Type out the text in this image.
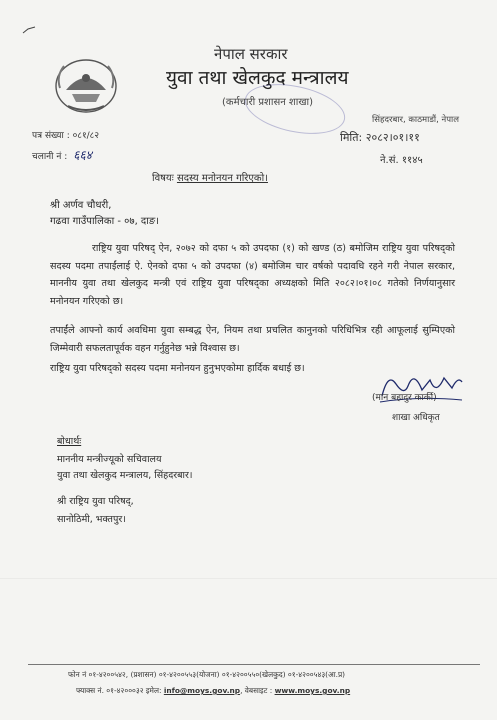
नेपाल सरकार
युवा तथा खेलकुद मन्त्रालय
(कर्मचारी प्रशासन शाखा)
सिंहदरबार, काठमाडौं, नेपाल
पत्र संख्या : ०८१/८२
चलानी नं : ६६४
मिति: २०८२।०१।११
ने.सं. ११४५
विषयः सदस्य मनोनयन गरिएको।
श्री अर्णव चौधरी,
गढवा गाउँपालिका - ०७, दाङ।
राष्ट्रिय युवा परिषद् ऐन, २०७२ को दफा ५ को उपदफा (१) को खण्ड (ठ) बमोजिम राष्ट्रिय युवा परिषद्को सदस्य पदमा तपाईंलाई ऐ. ऐनको दफा ५ को उपदफा (४) बमोजिम चार वर्षको पदावधि रहने गरी नेपाल सरकार, माननीय युवा तथा खेलकुद मन्त्री एवं राष्ट्रिय युवा परिषद्का अध्यक्षको मिति २०८२।०१।०८ गतेको निर्णयानुसार मनोनयन गरिएको छ।
तपाईंले आफ्नो कार्य अवधिमा युवा सम्बद्ध ऐन, नियम तथा प्रचलित कानुनको परिधिभित्र रही आफूलाई सुम्पिएको जिम्मेवारी सफलतापूर्वक वहन गर्नुहुनेछ भन्ने विश्वास छ।
राष्ट्रिय युवा परिषद्को सदस्य पदमा मनोनयन हुनुभएकोमा हार्दिक बधाई छ।
(मान बहादुर कार्की)
शाखा अधिकृत
बोधार्थः
माननीय मन्त्रीज्यूको सचिवालय
युवा तथा खेलकुद मन्त्रालय, सिंहदरबार।
श्री राष्ट्रिय युवा परिषद्,
सानोठिमी, भक्तपुर।
फोन नं ०१-४२००५४२, (प्रशासन) ०१-४२००५५३(योजना) ०१-४२००५५०(खेलकुद) ०१-४२००५४३(आ.प्र)
फ्याक्स नं. ०१-४२०००३२ इमेल: info@moys.gov.np, वेबसाइट : www.moys.gov.np
